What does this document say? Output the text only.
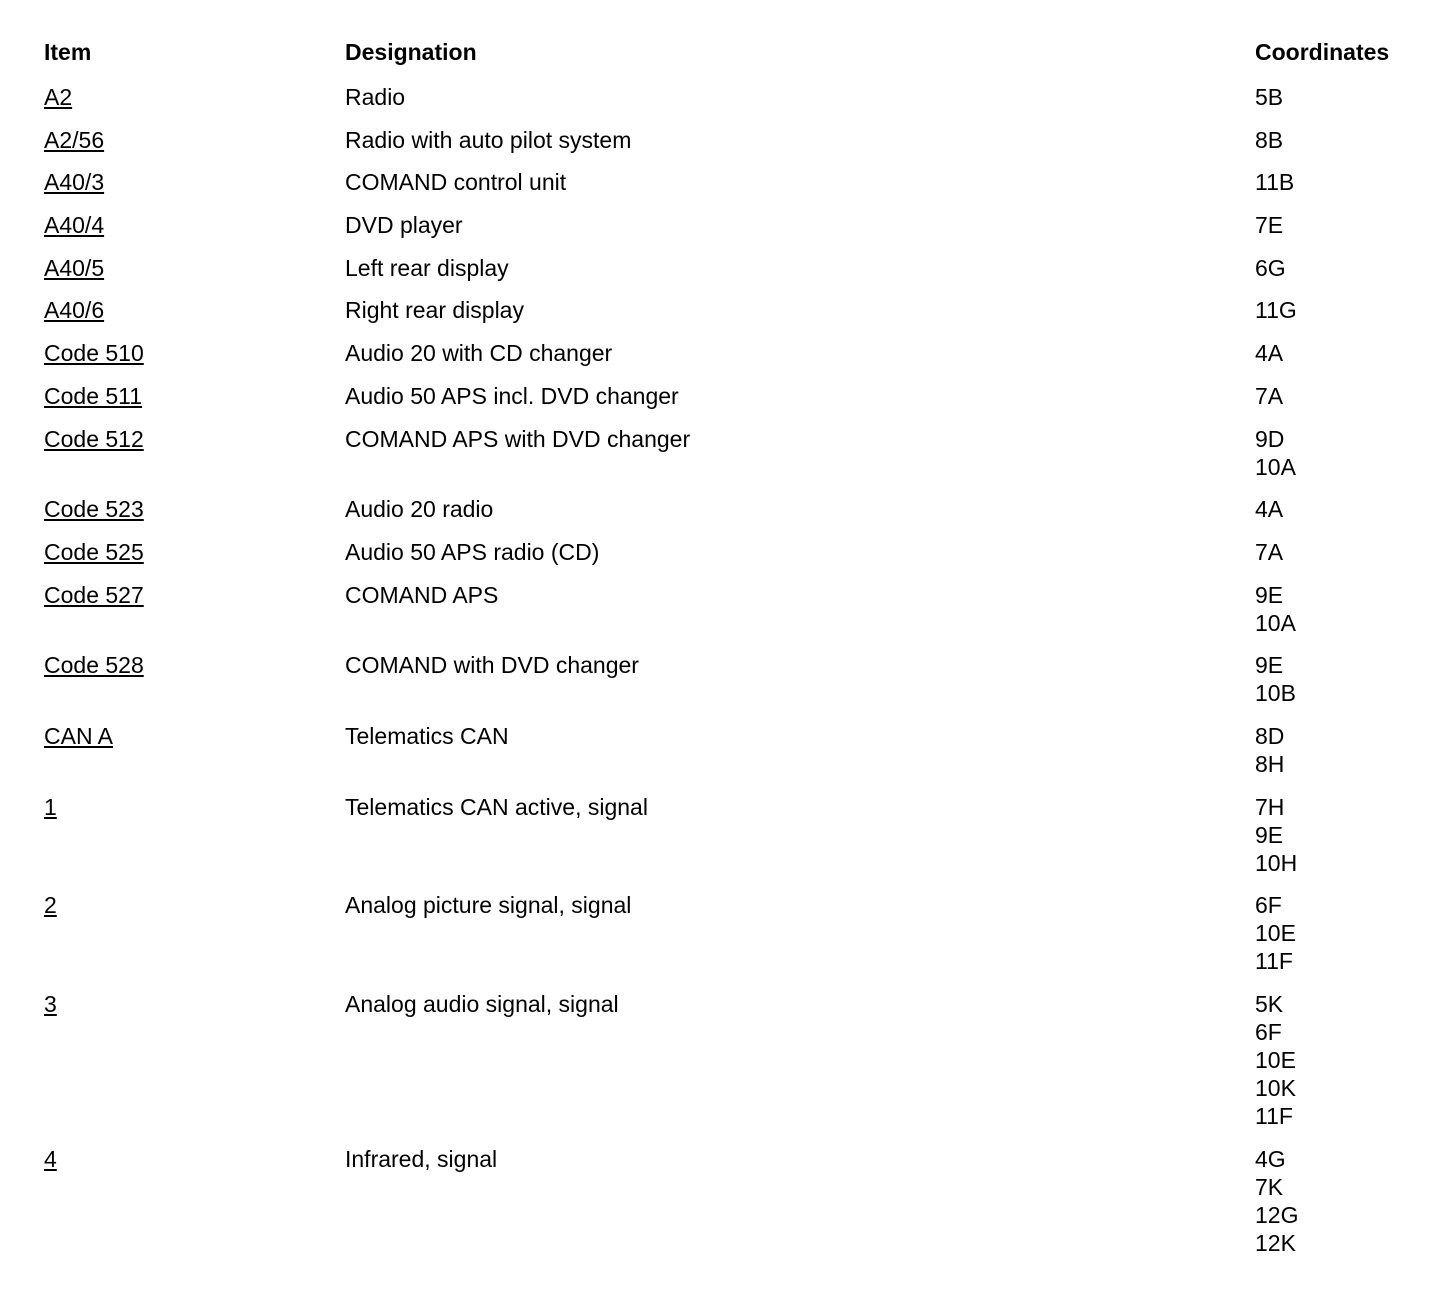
Item	Designation	Coordinates
A2	Radio	5B
A2/56	Radio with auto pilot system	8B
A40/3	COMAND control unit	11B
A40/4	DVD player	7E
A40/5	Left rear display	6G
A40/6	Right rear display	11G
Code 510	Audio 20 with CD changer	4A
Code 511	Audio 50 APS incl. DVD changer	7A
Code 512	COMAND APS with DVD changer	9D
10A
Code 523	Audio 20 radio	4A
Code 525	Audio 50 APS radio (CD)	7A
Code 527	COMAND APS	9E
10A
Code 528	COMAND with DVD changer	9E
10B
CAN A	Telematics CAN	8D
8H
1	Telematics CAN active, signal	7H
9E
10H
2	Analog picture signal, signal	6F
10E
11F
3	Analog audio signal, signal	5K
6F
10E
10K
11F
4	Infrared, signal	4G
7K
12G
12K
